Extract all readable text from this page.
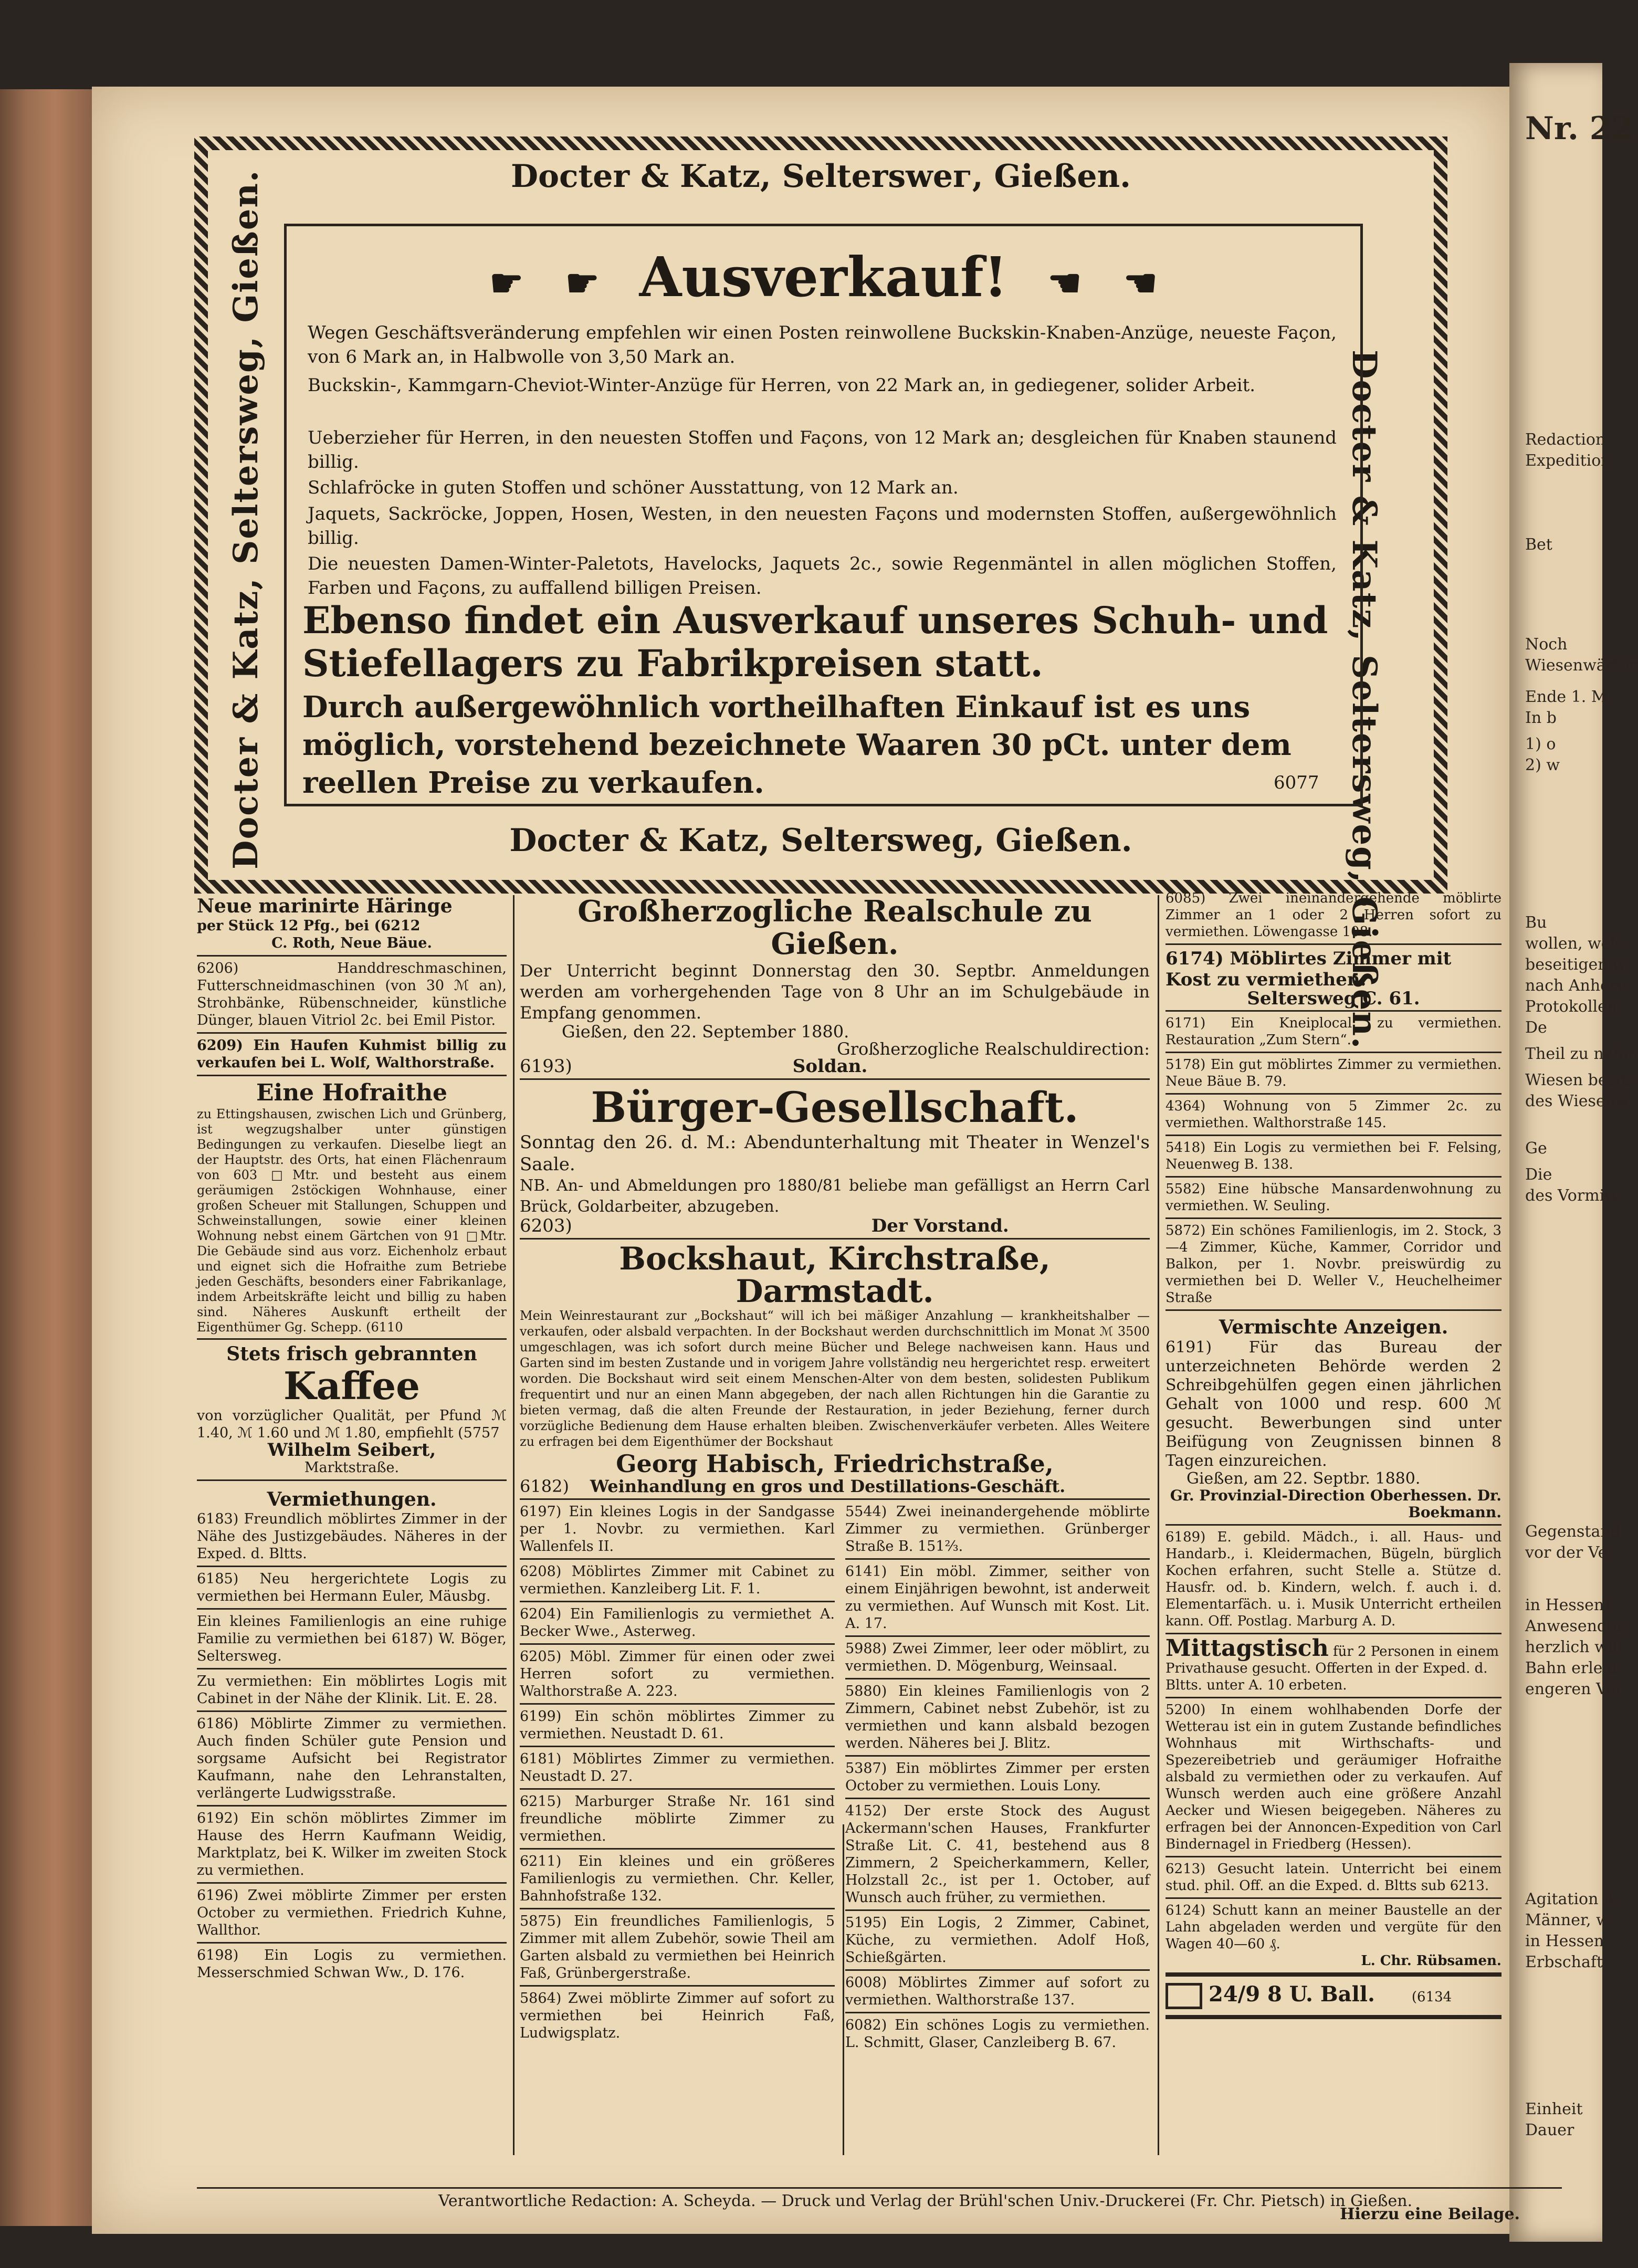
Nr. 22
Redaction
Expedition
Bet
Noch
Wiesenwärter
Ende 1. M.
In b
1) o
2) w
Bu
wollen, welc
beseitigen w
nach Anhöru
Protokollen
De
Theil zu nehm
Wiesen besitz
des Wiesenw
Ge
Die
des Vormitt
Gegenstand
vor der Ver
in Hessen)
Anwesenden
herzlich will
Bahn erleid
engeren Ver
Agitation w
Männer, w
in Hessen
Erbschaft
Einheit
Dauer
Docter & Katz, Selterswег, Gießen.
Docter & Katz, Seltersweg, Gießen.	Docter & Katz, Seltersweg, Gießen.
☛ ☛ Ausverkauf! ☚ ☚

Wegen Geschäftsveränderung empfehlen wir einen Posten reinwollene Buckskin-Knaben-Anzüge, neueste Façon, von 6 Mark an, in Halbwolle von 3,50 Mark an.

Buckskin-, Kammgarn-Cheviot-Winter-Anzüge für Herren, von 22 Mark an, in gediegener, solider Arbeit.

Ueberzieher für Herren, in den neuesten Stoffen und Façons, von 12 Mark an; desgleichen für Knaben staunend billig.

Schlafröcke in guten Stoffen und schöner Ausstattung, von 12 Mark an.

Jaquets, Sackröcke, Joppen, Hosen, Westen, in den neuesten Façons und modernsten Stoffen, außergewöhnlich billig.

Die neuesten Damen-Winter-Paletots, Havelocks, Jaquets 2c., sowie Regenmäntel in allen möglichen Stoffen, Farben und Façons, zu auffallend billigen Preisen.

Ebenso findet ein Ausverkauf unseres Schuh- und Stiefellagers zu Fabrikpreisen statt.

Durch außergewöhnlich vortheilhaften Einkauf ist es uns möglich, vorstehend bezeichnete Waaren 30 pCt. unter dem reellen Preise zu verkaufen.	6077
Docter & Katz, Seltersweg, Gießen.

Neue marinirte Häringe

per Stück 12 Pfg., bei (6212

C. Roth, Neue Bäue.

6206) Handdreschmaschinen, Futterschneidmaschinen (von 30 ℳ an), Strohbänke, Rübenschneider, künstliche Dünger, blauen Vitriol 2c. bei Emil Pistor.

6209) Ein Haufen Kuhmist billig zu verkaufen bei L. Wolf, Walthorstraße.

Eine Hofraithe

zu Ettingshausen, zwischen Lich und Grünberg, ist wegzugshalber unter günstigen Bedingungen zu verkaufen. Dieselbe liegt an der Hauptstr. des Orts, hat einen Flächenraum von 603 □Mtr. und besteht aus einem geräumigen 2stöckigen Wohnhause, einer großen Scheuer mit Stallungen, Schuppen und Schweinstallungen, sowie einer kleinen Wohnung nebst einem Gärtchen von 91 □Mtr. Die Gebäude sind aus vorz. Eichenholz erbaut und eignet sich die Hofraithe zum Betriebe jeden Geschäfts, besonders einer Fabrikanlage, indem Arbeitskräfte leicht und billig zu haben sind. Näheres Auskunft ertheilt der Eigenthümer Gg. Schepp. (6110

Stets frisch gebrannten

Kaffee

von vorzüglicher Qualität, per Pfund ℳ 1.40, ℳ 1.60 und ℳ 1.80, empfiehlt (5757

Wilhelm Seibert,

Marktstraße.

Vermiethungen.

6183) Freundlich möblirtes Zimmer in der Nähe des Justizgebäudes. Näheres in der Exped. d. Bltts.

6185) Neu hergerichtete Logis zu vermiethen bei Hermann Euler, Mäusbg.

Ein kleines Familienlogis an eine ruhige Familie zu vermiethen bei 6187) W. Böger, Seltersweg.

Zu vermiethen: Ein möblirtes Logis mit Cabinet in der Nähe der Klinik. Lit. E. 28.

6186) Möblirte Zimmer zu vermiethen. Auch finden Schüler gute Pension und sorgsame Aufsicht bei Registrator Kaufmann, nahe den Lehranstalten, verlängerte Ludwigsstraße.

6192) Ein schön möblirtes Zimmer im Hause des Herrn Kaufmann Weidig, Marktplatz, bei K. Wilker im zweiten Stock zu vermiethen.

6196) Zwei möblirte Zimmer per ersten October zu vermiethen. Friedrich Kuhne, Wallthor.

6198) Ein Logis zu vermiethen. Messerschmied Schwan Ww., D. 176.

Großherzogliche Realschule zu Gießen.

Der Unterricht beginnt Donnerstag den 30. Septbr. Anmeldungen werden am vorhergehenden Tage von 8 Uhr an im Schulgebäude in Empfang genommen.

Gießen, den 22. September 1880.

Großherzogliche Realschuldirection:

6193)	Soldan.

Bürger-Gesellschaft.

Sonntag den 26. d. M.: Abendunterhaltung mit Theater in Wenzel's Saale.

NB. An- und Abmeldungen pro 1880/81 beliebe man gefälligst an Herrn Carl Brück, Goldarbeiter, abzugeben.

6203)	Der Vorstand.

Bockshaut, Kirchstraße, Darmstadt.

Mein Weinrestaurant zur „Bockshaut“ will ich bei mäßiger Anzahlung — krankheitshalber — verkaufen, oder alsbald verpachten. In der Bockshaut werden durchschnittlich im Monat ℳ 3500 umgeschlagen, was ich sofort durch meine Bücher und Belege nachweisen kann. Haus und Garten sind im besten Zustande und in vorigem Jahre vollständig neu hergerichtet resp. erweitert worden. Die Bockshaut wird seit einem Menschen-Alter von dem besten, solidesten Publikum frequentirt und nur an einen Mann abgegeben, der nach allen Richtungen hin die Garantie zu bieten vermag, daß die alten Freunde der Restauration, in jeder Beziehung, ferner durch vorzügliche Bedienung dem Hause erhalten bleiben. Zwischenverkäufer verbeten. Alles Weitere zu erfragen bei dem Eigenthümer der Bockshaut

Georg Habisch, Friedrichstraße,

6182) Weinhandlung en gros und Destillations-Geschäft.

6197) Ein kleines Logis in der Sandgasse per 1. Novbr. zu vermiethen. Karl Wallenfels II.

6208) Möblirtes Zimmer mit Cabinet zu vermiethen. Kanzleiberg Lit. F. 1.

6204) Ein Familienlogis zu vermiethet A. Becker Wwe., Asterweg.

6205) Möbl. Zimmer für einen oder zwei Herren sofort zu vermiethen. Walthorstraße A. 223.

6199) Ein schön möblirtes Zimmer zu vermiethen. Neustadt D. 61.

6181) Möblirtes Zimmer zu vermiethen. Neustadt D. 27.

6215) Marburger Straße Nr. 161 sind freundliche möblirte Zimmer zu vermiethen.

6211) Ein kleines und ein größeres Familienlogis zu vermiethen. Chr. Keller, Bahnhofstraße 132.

5875) Ein freundliches Familienlogis, 5 Zimmer mit allem Zubehör, sowie Theil am Garten alsbald zu vermiethen bei Heinrich Faß, Grünbergerstraße.

5864) Zwei möblirte Zimmer auf sofort zu vermiethen bei Heinrich Faß, Ludwigsplatz.

5544) Zwei ineinandergehende möblirte Zimmer zu vermiethen. Grünberger Straße B. 151⅔.

6141) Ein möbl. Zimmer, seither von einem Einjährigen bewohnt, ist anderweit zu vermiethen. Auf Wunsch mit Kost. Lit. A. 17.

5988) Zwei Zimmer, leer oder möblirt, zu vermiethen. D. Mögenburg, Weinsaal.

5880) Ein kleines Familienlogis von 2 Zimmern, Cabinet nebst Zubehör, ist zu vermiethen und kann alsbald bezogen werden. Näheres bei J. Blitz.

5387) Ein möblirtes Zimmer per ersten October zu vermiethen. Louis Lony.

4152) Der erste Stock des August Ackermann'schen Hauses, Frankfurter Straße Lit. C. 41, bestehend aus 8 Zimmern, 2 Speicherkammern, Keller, Holzstall 2c., ist per 1. October, auf Wunsch auch früher, zu vermiethen.

5195) Ein Logis, 2 Zimmer, Cabinet, Küche, zu vermiethen. Adolf Hoß, Schießgärten.

6008) Möblirtes Zimmer auf sofort zu vermiethen. Walthorstraße 137.

6082) Ein schönes Logis zu vermiethen. L. Schmitt, Glaser, Canzleiberg B. 67.

6085) Zwei ineinandergehende möblirte Zimmer an 1 oder 2 Herren sofort zu vermiethen. Löwengasse 108.

6174) Möblirtes Zimmer mit Kost zu vermiethen.

Seltersweg C. 61.

6171) Ein Kneiplocal zu vermiethen. Restauration „Zum Stern“.

5178) Ein gut möblirtes Zimmer zu vermiethen. Neue Bäue B. 79.

4364) Wohnung von 5 Zimmer 2c. zu vermiethen. Walthorstraße 145.

5418) Ein Logis zu vermiethen bei F. Felsing, Neuenweg B. 138.

5582) Eine hübsche Mansardenwohnung zu vermiethen. W. Seuling.

5872) Ein schönes Familienlogis, im 2. Stock, 3—4 Zimmer, Küche, Kammer, Corridor und Balkon, per 1. Novbr. preiswürdig zu vermiethen bei D. Weller V., Heuchelheimer Straße

Vermischte Anzeigen.

6191) Für das Bureau der unterzeichneten Behörde werden 2 Schreibgehülfen gegen einen jährlichen Gehalt von 1000 und resp. 600 ℳ gesucht. Bewerbungen sind unter Beifügung von Zeugnissen binnen 8 Tagen einzureichen.

Gießen, am 22. Septbr. 1880.

Gr. Provinzial-Direction Oberhessen. Dr. Boekmann.

6189) E. gebild. Mädch., i. all. Haus- und Handarb., i. Kleidermachen, Bügeln, bürglich Kochen erfahren, sucht Stelle a. Stütze d. Hausfr. od. b. Kindern, welch. f. auch i. d. Elementarfäch. u. i. Musik Unterricht ertheilen kann. Off. Postlag. Marburg A. D.

Mittagstisch für 2 Personen in einem Privathause gesucht. Offerten in der Exped. d. Bltts. unter A. 10 erbeten.

5200) In einem wohlhabenden Dorfe der Wetterau ist ein in gutem Zustande befindliches Wohnhaus mit Wirthschafts- und Spezereibetrieb und geräumiger Hofraithe alsbald zu vermiethen oder zu verkaufen. Auf Wunsch werden auch eine größere Anzahl Aecker und Wiesen beigegeben. Näheres zu erfragen bei der Annoncen-Expedition von Carl Bindernagel in Friedberg (Hessen).

6213) Gesucht latein. Unterricht bei einem stud. phil. Off. an die Exped. d. Bltts sub 6213.

6124) Schutt kann an meiner Baustelle an der Lahn abgeladen werden und vergüte für den Wagen 40—60 ₰.

L. Chr. Rübsamen.

24/9 8 U. Ball.	(6134

Verantwortliche Redaction: A. Scheyda. — Druck und Verlag der Brühl'schen Univ.-Druckerei (Fr. Chr. Pietsch) in Gießen.
Hierzu eine Beilage.
